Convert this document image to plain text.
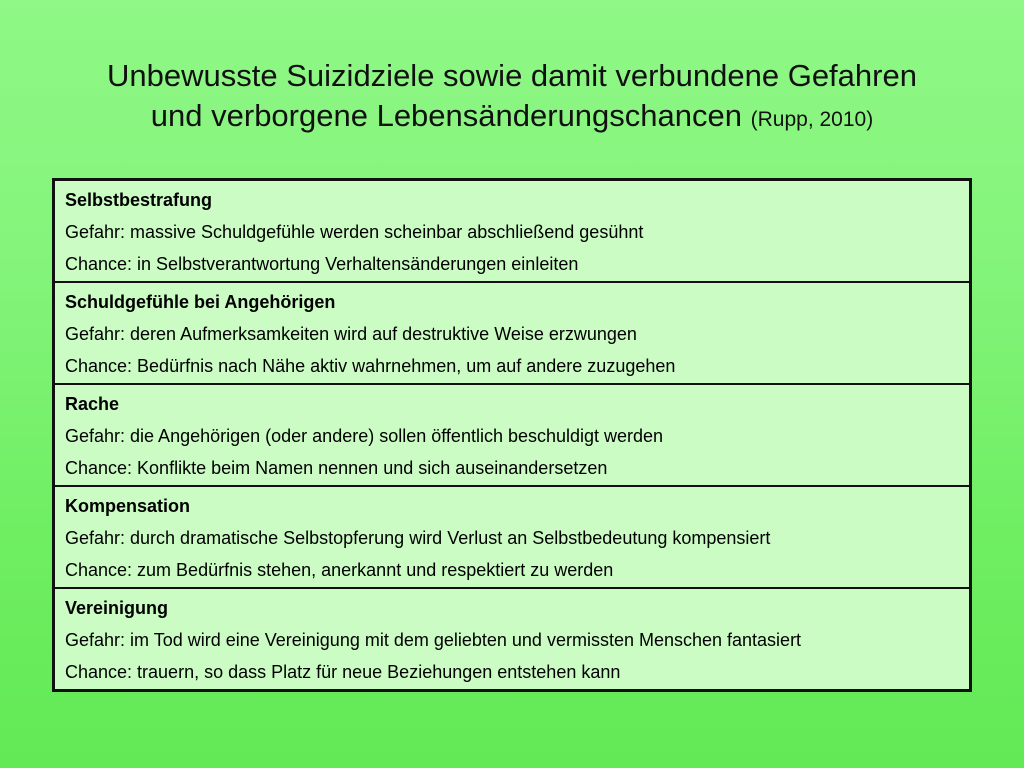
Unbewusste Suizidziele sowie damit verbundene Gefahren
und verborgene Lebensänderungschancen (Rupp, 2010)
Selbstbestrafung
Gefahr: massive Schuldgefühle werden scheinbar abschließend gesühnt
Chance: in Selbstverantwortung Verhaltensänderungen einleiten
Schuldgefühle bei Angehörigen
Gefahr: deren Aufmerksamkeiten wird auf destruktive Weise erzwungen
Chance: Bedürfnis nach Nähe aktiv wahrnehmen, um auf andere zuzugehen
Rache
Gefahr: die Angehörigen (oder andere) sollen öffentlich beschuldigt werden
Chance: Konflikte beim Namen nennen und sich auseinandersetzen
Kompensation
Gefahr: durch dramatische Selbstopferung wird Verlust an Selbstbedeutung kompensiert
Chance: zum Bedürfnis stehen, anerkannt und respektiert zu werden
Vereinigung
Gefahr: im Tod wird eine Vereinigung mit dem geliebten und vermissten Menschen fantasiert
Chance: trauern, so dass Platz für neue Beziehungen entstehen kann
